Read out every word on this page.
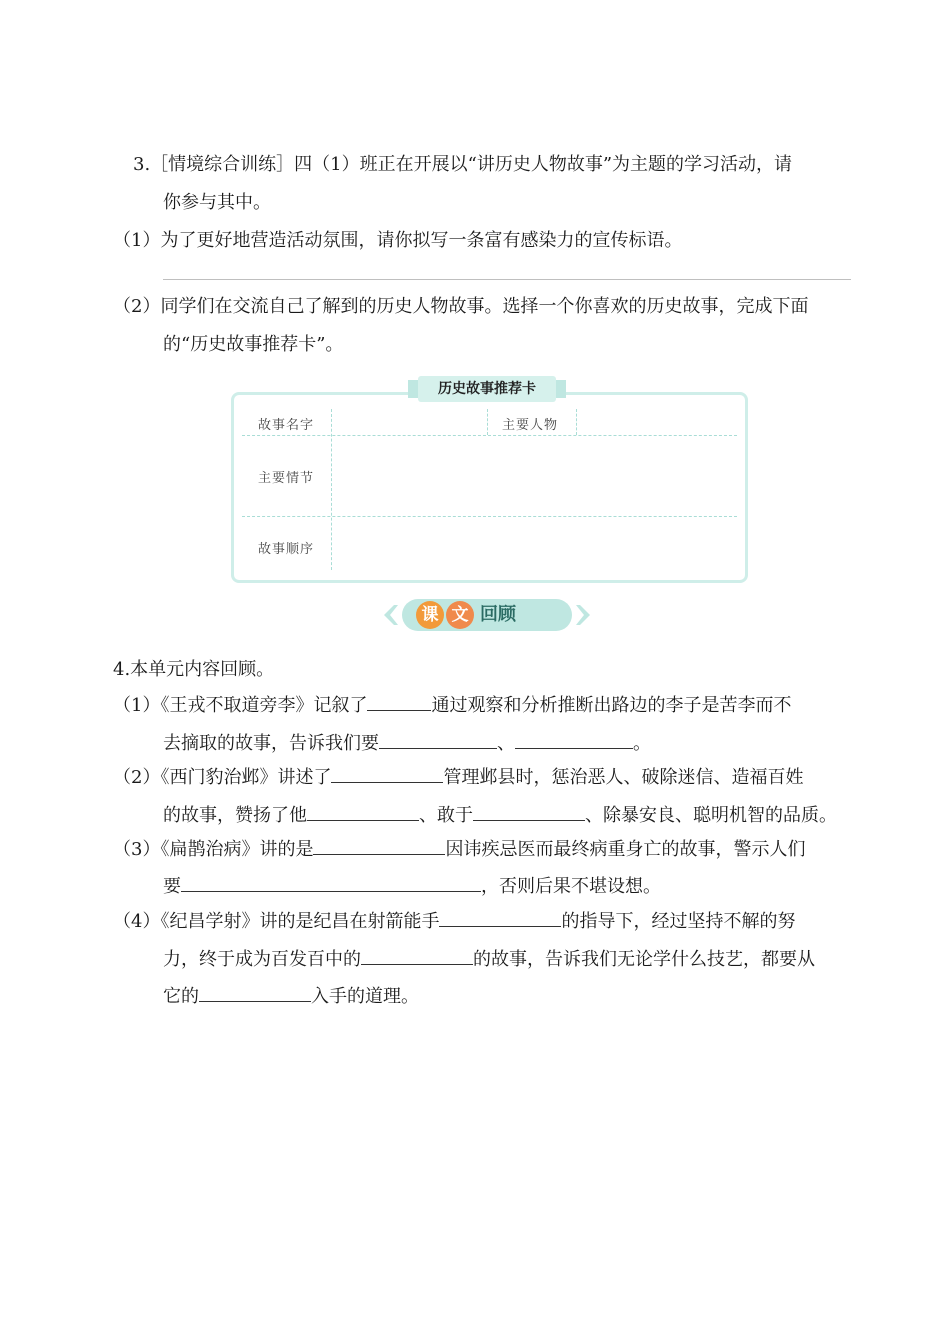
3.［情境综合训练］四（1）班正在开展以“讲历史人物故事”为主题的学习活动，请
你参与其中。
（1）为了更好地营造活动氛围，请你拟写一条富有感染力的宣传标语。
（2）同学们在交流自己了解到的历史人物故事。选择一个你喜欢的历史故事，完成下面
的“历史故事推荐卡”。
故事名字	主要人物
主要情节
故事顺序
历史故事推荐卡
课 文 回顾
4.本单元内容回顾。
（1）《王戎不取道旁李》记叙了	通过观察和分析推断出路边的李子是苦李而不
去摘取的故事，告诉我们要	、	。
（2）《西门豹治邺》讲述了	管理邺县时，惩治恶人、破除迷信、造福百姓
的故事，赞扬了他	、敢于	、除暴安良、聪明机智的品质。
（3）《扁鹊治病》讲的是	因讳疾忌医而最终病重身亡的故事，警示人们
要	，否则后果不堪设想。
（4）《纪昌学射》讲的是纪昌在射箭能手	的指导下，经过坚持不解的努
力，终于成为百发百中的	的故事，告诉我们无论学什么技艺，都要从
它的	入手的道理。
